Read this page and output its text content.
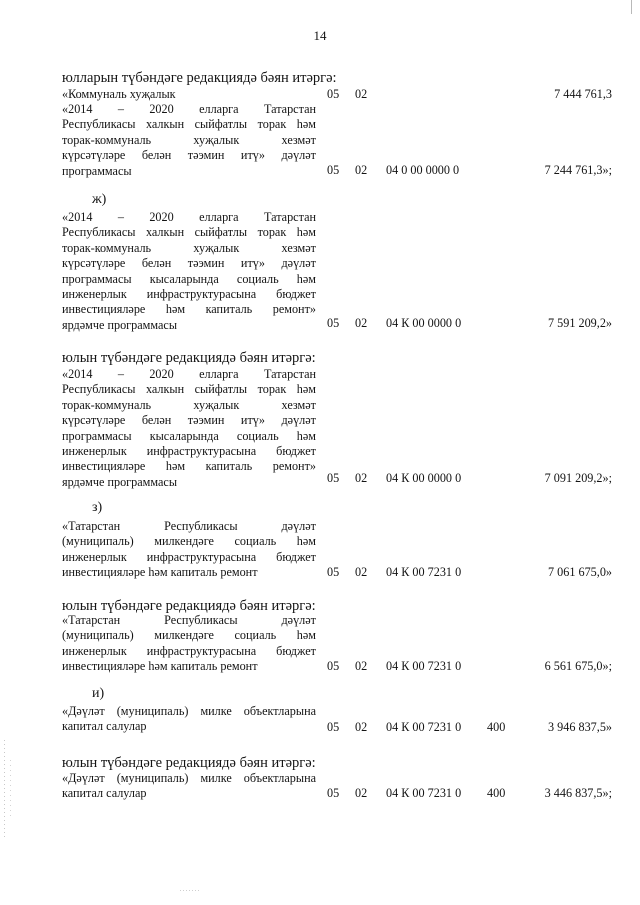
14
юлларын түбәндәге редакциядә бәян итәргә:

«Коммуналь хуҗалык	05 02	7 444 761,3

«2014 – 2020 елларга Татарстан

Республикасы халкын сыйфатлы торак һәм

торак-коммуналь хуҗалык хезмәт

күрсәтүләре белән тәэмин итү» дәүләт

программасы	05 02 04 0 00 0000 0	7 244 761,3»;
ж)

«2014 – 2020 елларга Татарстан

Республикасы халкын сыйфатлы торак һәм

торак-коммуналь хуҗалык хезмәт

күрсәтүләре белән тәэмин итү» дәүләт

программасы кысаларында социаль һәм

инженерлык инфраструктурасына бюджет

инвестицияләре һәм капиталь ремонт»

ярдәмче программасы	05 02 04 К 00 0000 0	7 591 209,2»
юлын түбәндәге редакциядә бәян итәргә:

«2014 – 2020 елларга Татарстан

Республикасы халкын сыйфатлы торак һәм

торак-коммуналь хуҗалык хезмәт

күрсәтүләре белән тәэмин итү» дәүләт

программасы кысаларында социаль һәм

инженерлык инфраструктурасына бюджет

инвестицияләре һәм капиталь ремонт»

ярдәмче программасы	05 02 04 К 00 0000 0	7 091 209,2»;
з)

«Татарстан Республикасы дәүләт

(муниципаль) милкендәге социаль һәм

инженерлык инфраструктурасына бюджет

инвестицияләре һәм капиталь ремонт	05 02 04 К 00 7231 0	7 061 675,0»
юлын түбәндәге редакциядә бәян итәргә:

«Татарстан Республикасы дәүләт

(муниципаль) милкендәге социаль һәм

инженерлык инфраструктурасына бюджет

инвестицияләре һәм капиталь ремонт	05 02 04 К 00 7231 0	6 561 675,0»;
и)

«Дәүләт (муниципаль) милке объектларына

капитал салулар	05 02 04 К 00 7231 0 400	3 946 837,5»
юлын түбәндәге редакциядә бәян итәргә:

«Дәүләт (муниципаль) милке объектларына

капитал салулар	05 02 04 К 00 7231 0 400	3 446 837,5»;
